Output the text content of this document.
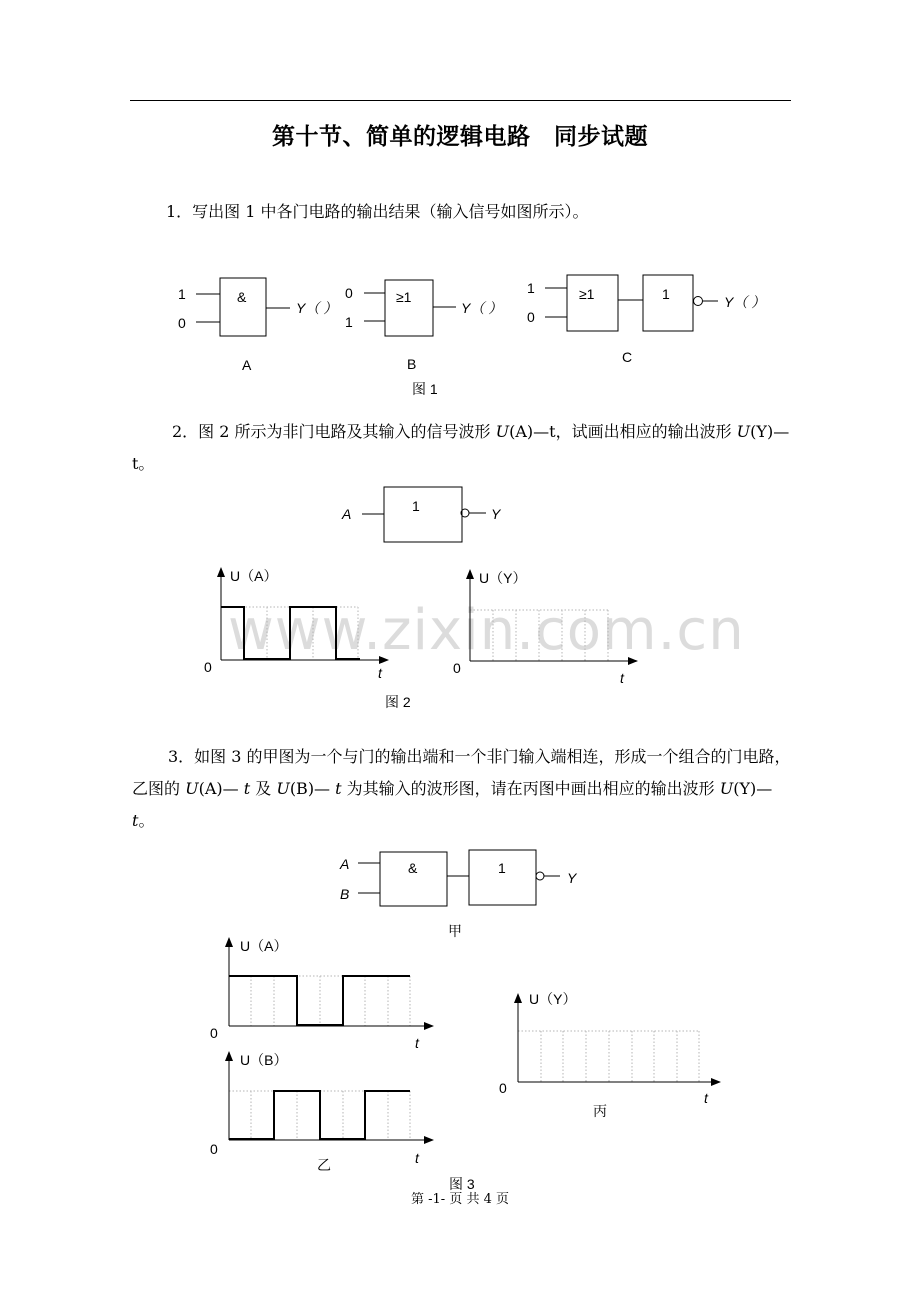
第十节、简单的逻辑电路　同步试题
1．写出图 1 中各门电路的输出结果（输入信号如图所示）。
2．图 2 所示为非门电路及其输入的信号波形 U(A)—t，试画出相应的输出波形 U(Y)—t。
3．如图 3 的甲图为一个与门的输出端和一个非门输入端相连，形成一个组合的门电路，乙图的 U(A)— t 及 U(B)— t 为其输入的波形图，请在丙图中画出相应的输出波形 U(Y)— t。
www.zixin.com.cn
1
0
&
Y（ ）
A
0
1
≥1
Y（ ）
B
1
0
≥1	1	Y（ ）
C
图 1
A	1	Y
U（A）
0	t
U（Y）
0
t
图 2
A
B
&	1
Y
甲
U（A）
0
t
U（B）
0
t
乙
U（Y）
0
t
丙
图 3
第 -1- 页 共 4 页
